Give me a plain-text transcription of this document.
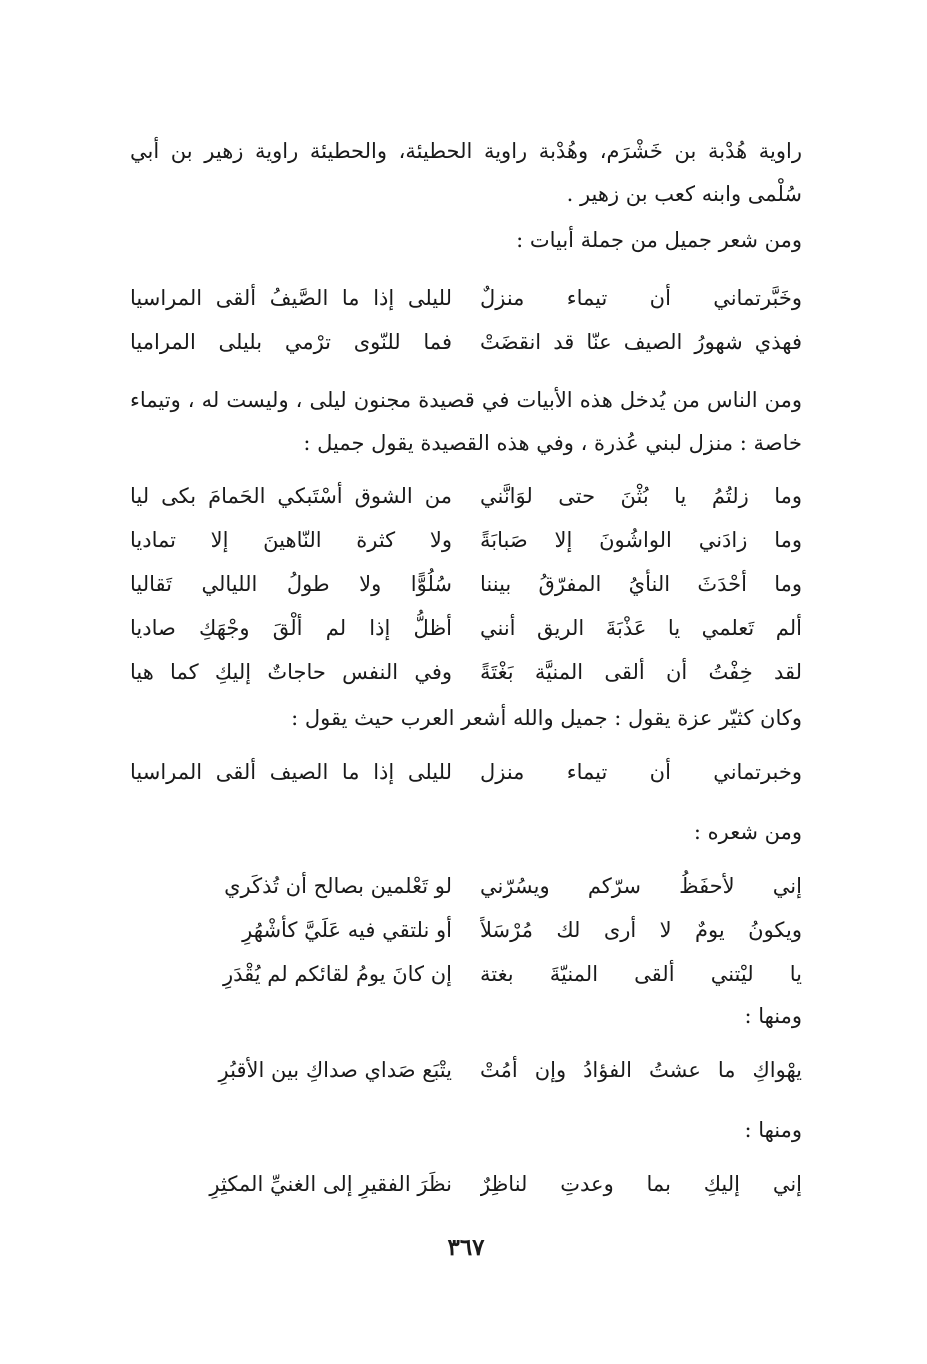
راوية هُدْبة بن خَشْرَم، وهُدْبة راوية الحطيئة، والحطيئة راوية زهير بن أبي سُلْمى وابنه كعب بن زهير .

ومن شعر جميل من جملة أبيات :
وخَبَّرتماني أن تيماء منزلٌ
لليلى إذا ما الصَّيفُ ألقى المراسيا
فهذي شهورُ الصيف عنّا قد انقضَتْ
فما للنّوى ترْمي بليلى المراميا

ومن الناس من يُدخل هذه الأبيات في قصيدة مجنون ليلى ، وليست له ، وتيماء خاصة : منزل لبني عُذرة ، وفي هذه القصيدة يقول جميل :

وما زلتُمُ يا بُثْنَ حتى لوَانَّني
من الشوق أسْتَبكي الحَمامَ بكى ليا
وما زادَني الواشُونَ إلا صَبابَةً
ولا كثرة النّاهينَ إلا تماديا
وما أحْدَثَ النأيُ المفرّقُ بيننا
سُلُوًّا ولا طولُ الليالي تَقاليا
ألم تَعلمي يا عَذْبَةَ الريق أنني
أظلُّ إذا لم ألْقَ وجْهَكِ صاديا
لقد خِفْتُ أن ألقى المنيَّة بَغْتَةً
وفي النفس حاجاتٌ إليكِ كما هيا
وكان كثيّر عزة يقول : جميل والله أشعر العرب حيث يقول :
وخبرتماني أن تيماء منزل
لليلى إذا ما الصيف ألقى المراسيا
ومن شعره :
إني لأحفَظُ سرّكم ويسُرّني
لو تَعْلمين بصالح أن تُذكَري
ويكونُ يومٌ لا أرى لك مُرْسَلاً
أو نلتقي فيه عَلَيَّ كأشْهُرِ
يا ليْتني ألقى المنيّةَ بغتة
إن كانَ يومُ لقائكم لم يُقْدَرِ
ومنها :
يهْواكِ ما عشتُ الفؤادُ وإن أمُتْ
يتْبَع صَداي صداكِ بين الأقبُرِ
ومنها :
إني إليكِ بما وعدتِ لناظِرٌ
نظَرَ الفقيرِ إلى الغنيِّ المكثِرِ
٣٦٧
